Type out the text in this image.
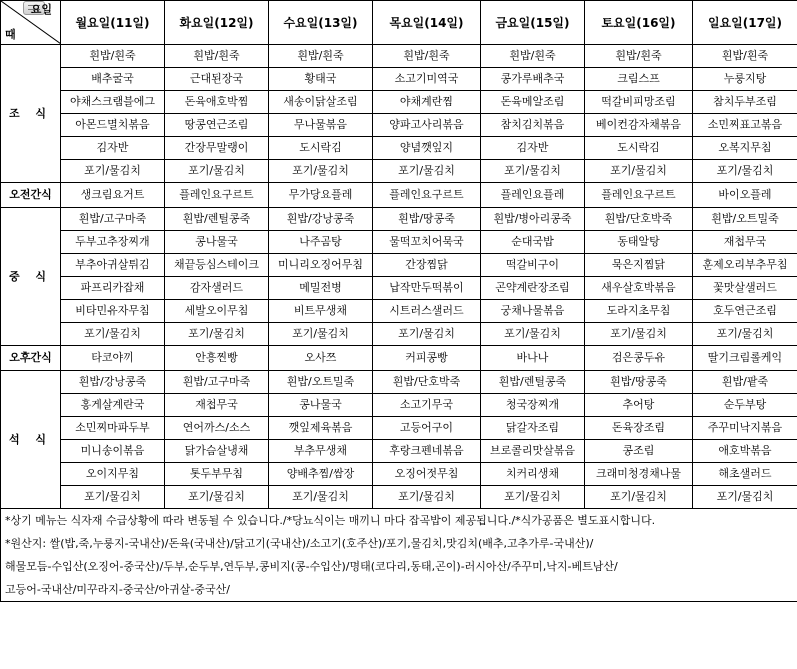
요일
때	월요일(11일)	화요일(12일)	수요일(13일)	목요일(14일)	금요일(15일)	토요일(16일)	일요일(17일)
조 식	흰밥/흰죽	흰밥/흰죽	흰밥/흰죽	흰밥/흰죽	흰밥/흰죽	흰밥/흰죽	흰밥/흰죽
	배추굴국	근대된장국	황태국	소고기미역국	콩가루배추국	크림스프	누룽지탕
	야채스크램블에그	돈육애호박찜	새송이닭살조림	야채계란찜	돈육메알조림	떡갈비피망조림	참치두부조림
	아몬드멸치볶음	땅콩연근조림	무나물볶음	양파고사리볶음	참치김치볶음	베이컨감자채볶음	소민찌표고볶음
	김자반	간장무말랭이	도시락김	양념깻잎지	김자반	도시락김	오복지무침
	포기/물김치	포기/물김치	포기/물김치	포기/물김치	포기/물김치	포기/물김치	포기/물김치
오전간식	생크림요거트	플레인요구르트	무가당요플레	플레인요구르트	플레인요플레	플레인요구르트	바이오플레
중 식	흰밥/고구마죽	흰밥/렌틸콩죽	흰밥/강낭콩죽	흰밥/땅콩죽	흰밥/병아리콩죽	흰밥/단호박죽	흰밥/오트밀죽
	두부고추장찌개	콩나물국	나주곰탕	물떡꼬치어묵국	순대국밥	동태알탕	재첩무국
	부추아귀살튀김	채끝등심스테이크	미니리오징어무침	간장찜닭	떡갈비구이	묵은지찜닭	훈제오리부추무침
	파프리카잡채	감자샐러드	메밀전병	납작만두떡볶이	곤약계란장조림	새우살호박볶음	꽃맛살샐러드
	비타민유자무침	세발오이무침	비트무생채	시트러스샐러드	궁채나물볶음	도라지초무침	호두연근조림
	포기/물김치	포기/물김치	포기/물김치	포기/물김치	포기/물김치	포기/물김치	포기/물김치
오후간식	타코야끼	안흥찐빵	오사쯔	커피콩빵	바나나	검은콩두유	딸기크림롤케익
석 식	흰밥/강낭콩죽	흰밥/고구마죽	흰밥/오트밀죽	흰밥/단호박죽	흰밥/렌틸콩죽	흰밥/땅콩죽	흰밥/팥죽
	홍게살계란국	재첩무국	콩나물국	소고기무국	청국장찌개	추어탕	순두부탕
	소민찌마파두부	연어까스/소스	깻잎제육볶음	고등어구이	닭갈자조림	돈육장조림	주꾸미낙지볶음
	미니송이볶음	닭가슴살냉채	부추무생채	후랑크펜네볶음	브로콜리맛살볶음	콩조림	애호박볶음
	오이지무침	톳두부무침	양배추찜/쌈장	오징어젓무침	치커리생채	크래미청경채나물	해초샐러드
	포기/물김치	포기/물김치	포기/물김치	포기/물김치	포기/물김치	포기/물김치	포기/물김치
*상기 메뉴는 식자재 수급상황에 따라 변동될 수 있습니다./*당뇨식이는 매끼니 마다 잡곡밥이 제공됩니다./*식가공품은 별도표시합니다.							
*원산지: 쌀(밥,죽,누룽지-국내산)/돈육(국내산)/닭고기(국내산)/소고기(호주산)/포기,물김치,맛김치(배추,고추가루-국내산)/							
해물모듬-수입산(오징어-중국산)/두부,순두부,연두부,콩비지(콩-수입산)/명태(코다리,동태,곤이)-러시아산/주꾸미,낙지-베트남산/							
고등어-국내산/미꾸라지-중국산/아귀살-중국산/							
